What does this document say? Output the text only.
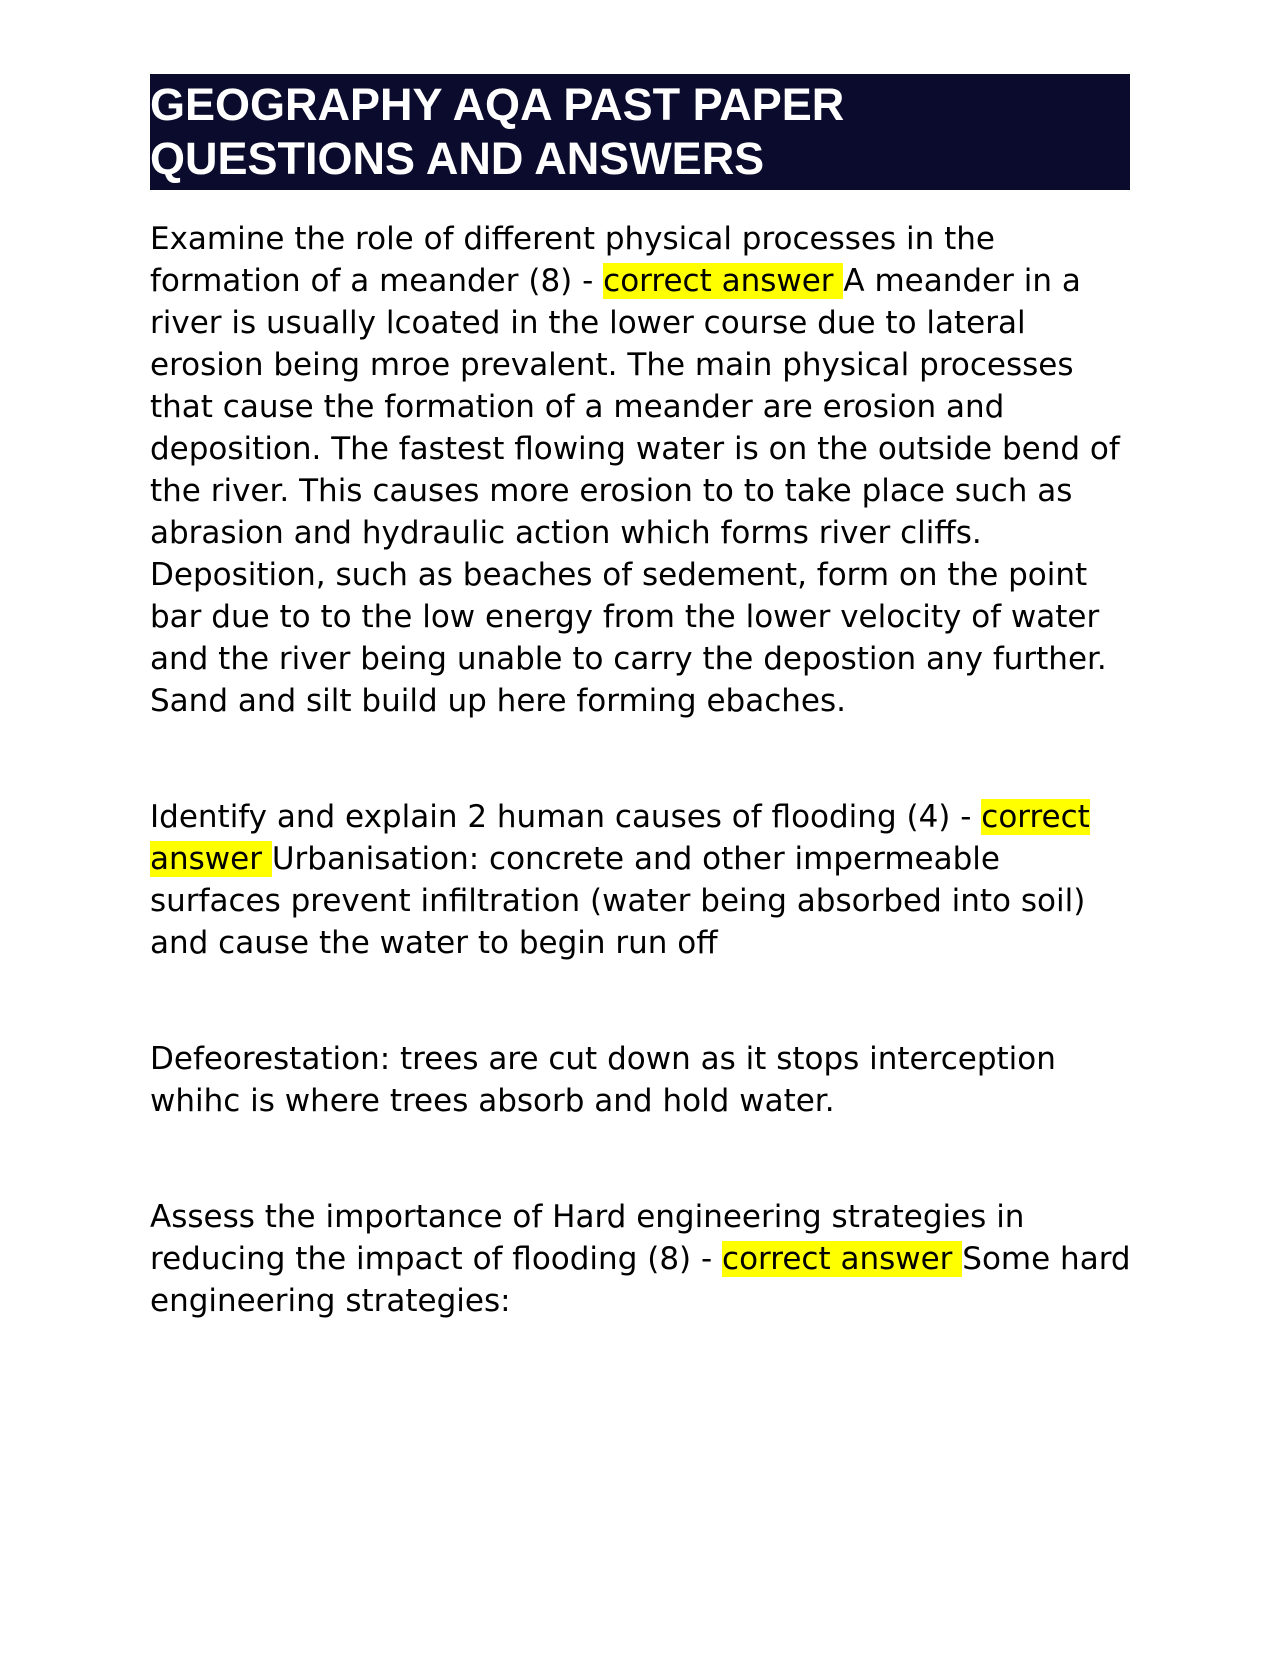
GEOGRAPHY AQA PAST PAPER
QUESTIONS AND ANSWERS

Examine the role of different physical processes in the formation of a meander (8) - correct answer A meander in a river is usually lcoated in the lower course due to lateral erosion being mroe prevalent. The main physical processes that cause the formation of a meander are erosion and deposition. The fastest flowing water is on the outside bend of the river. This causes more erosion to to take place such as abrasion and hydraulic action which forms river cliffs. Deposition, such as beaches of sedement, form on the point bar due to to the low energy from the lower velocity of water and the river being unable to carry the depostion any further. Sand and silt build up here forming ebaches.

Identify and explain 2 human causes of flooding (4) - correct answer Urbanisation: concrete and other impermeable surfaces prevent infiltration (water being absorbed into soil) and cause the water to begin run off

Defeorestation: trees are cut down as it stops interception whihc is where trees absorb and hold water.

Assess the importance of Hard engineering strategies in reducing the impact of flooding (8) - correct answer Some hard engineering strategies:
